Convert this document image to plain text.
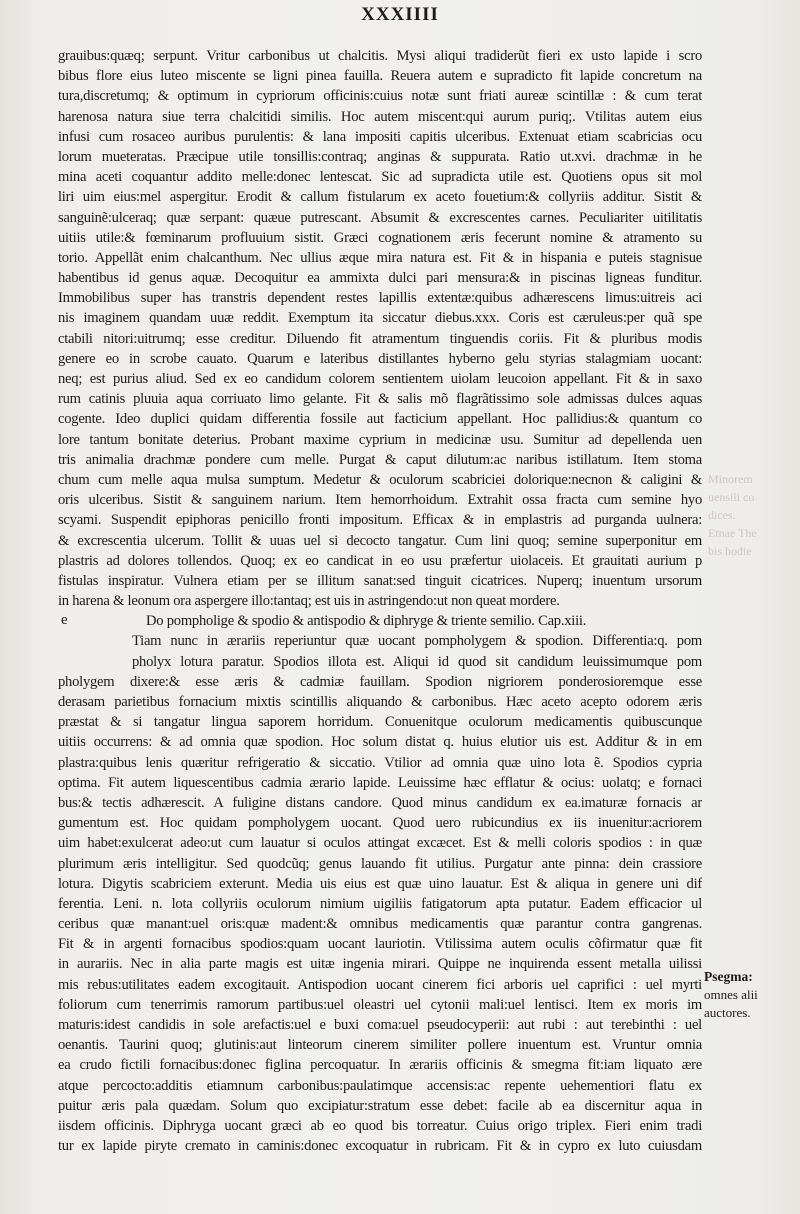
XXXIIII
grauibus:quæq; serpunt. Vritur carbonibus ut chalcitis. Mysi aliqui tradiderũt fieri ex usto lapide i scro
bibus flore eius luteo miscente se ligni pinea fauilla. Reuera autem e supradicto fit lapide concretum na
tura,discretumq; & optimum in cypriorum officinis:cuius notæ sunt friati aureæ scintillæ : & cum terat
harenosa natura siue terra chalcitidi similis. Hoc autem miscent:qui aurum puriq;. Vtilitas autem eius
infusi cum rosaceo auribus purulentis: & lana impositi capitis ulceribus. Extenuat etiam scabricias ocu
lorum mueteratas. Præcipue utile tonsillis:contraq; anginas & suppurata. Ratio ut.xvi. drachmæ in he
mina aceti coquantur addito melle:donec lentescat. Sic ad supradicta utile est. Quotiens opus sit mol
liri uim eius:mel aspergitur. Erodit & callum fistularum ex aceto fouetium:& collyriis additur. Sistit &
sanguinẽ:ulceraq; quæ serpant: quæue putrescant. Absumit & excrescentes carnes. Peculiariter uitilitatis
uitiis utile:& fœminarum profluuium sistit. Græci cognationem æris fecerunt nomine & atramento su
torio. Appellãt enim chalcanthum. Nec ullius æque mira natura est. Fit & in hispania e puteis stagnisue
habentibus id genus aquæ. Decoquitur ea ammixta dulci pari mensura:& in piscinas ligneas funditur.
Immobilibus super has transtris dependent restes lapillis extentæ:quibus adhærescens limus:uitreis aci
nis imaginem quandam uuæ reddit. Exemptum ita siccatur diebus.xxx. Coris est cæruleus:per quã spe
ctabili nitori:uitrumq; esse creditur. Diluendo fit atramentum tinguendis coriis. Fit & pluribus modis
genere eo in scrobe cauato. Quarum e lateribus distillantes hyberno gelu styrias stalagmiam uocant:
neq; est purius aliud. Sed ex eo candidum colorem sentientem uiolam leucoion appellant. Fit & in saxo
rum catinis pluuia aqua corriuato limo gelante. Fit & salis mõ flagrãtissimo sole admissas dulces aquas
cogente. Ideo duplici quidam differentia fossile aut facticium appellant. Hoc pallidius:& quantum co
lore tantum bonitate deterius. Probant maxime cyprium in medicinæ usu. Sumitur ad depellenda uen
tris animalia drachmæ pondere cum melle. Purgat & caput dilutum:ac naribus istillatum. Item stoma
chum cum melle aqua mulsa sumptum. Medetur & oculorum scabriciei dolorique:necnon & caligini &
oris ulceribus. Sistit & sanguinem narium. Item hemorrhoidum. Extrahit ossa fracta cum semine hyo
scyami. Suspendit epiphoras penicillo fronti impositum. Efficax & in emplastris ad purganda uulnera:
& excrescentia ulcerum. Tollit & uuas uel si decocto tangatur. Cum lini quoq; semine superponitur em
plastris ad dolores tollendos. Quoq; ex eo candicat in eo usu præfertur uiolaceis. Et grauitati aurium p
fistulas inspiratur. Vulnera etiam per se illitum sanat:sed tinguit cicatrices. Nuperq; inuentum ursorum
in harena & leonum ora aspergere illo:tantaq; est uis in astringendo:ut non queat mordere.
Do pompholige & spodio & antispodio & diphryge & triente semilio. Cap.xiii.
Tiam nunc in ærariis reperiuntur quæ uocant pompholygem & spodion. Differentia:q. pom
pholyx lotura paratur. Spodios illota est. Aliqui id quod sit candidum leuissimumque pom
pholygem dixere:& esse æris & cadmiæ fauillam. Spodion nigriorem ponderosioremque esse
derasam parietibus fornacium mixtis scintillis aliquando & carbonibus. Hæc aceto acepto odorem æris
præstat & si tangatur lingua saporem horridum. Conuenitque oculorum medicamentis quibuscunque
uitiis occurrens: & ad omnia quæ spodion. Hoc solum distat q. huius elutior uis est. Additur & in em
plastra:quibus lenis quæritur refrigeratio & siccatio. Vtilior ad omnia quæ uino lota ẽ. Spodios cypria
optima. Fit autem liquescentibus cadmia ærario lapide. Leuissime hæc efflatur & ocius: uolatq; e fornaci
bus:& tectis adhærescit. A fuligine distans candore. Quod minus candidum ex ea.imaturæ fornacis ar
gumentum est. Hoc quidam pompholygem uocant. Quod uero rubicundius ex iis inuenitur:acriorem
uim habet:exulcerat adeo:ut cum lauatur si oculos attingat excæcet. Est & melli coloris spodios : in quæ
plurimum æris intelligitur. Sed quodcũq; genus lauando fit utilius. Purgatur ante pinna: dein crassiore
lotura. Digytis scabriciem exterunt. Media uis eius est quæ uino lauatur. Est & aliqua in genere uni dif
ferentia. Leni. n. lota collyriis oculorum nimium uigiliis fatigatorum apta putatur. Eadem efficacior ul
ceribus quæ manant:uel oris:quæ madent:& omnibus medicamentis quæ parantur contra gangrenas.
Fit & in argenti fornacibus spodios:quam uocant lauriotin. Vtilissima autem oculis cõfirmatur quæ fit
in aurariis. Nec in alia parte magis est uitæ ingenia mirari. Quippe ne inquirenda essent metalla uilissi
mis rebus:utilitates eadem excogitauit. Antispodion uocant cinerem fici arboris uel caprifici : uel myrti
foliorum cum tenerrimis ramorum partibus:uel oleastri uel cytonii mali:uel lentisci. Item ex moris im
maturis:idest candidis in sole arefactis:uel e buxi coma:uel pseudocyperii: aut rubi : aut terebinthi : uel
oenantis. Taurini quoq; glutinis:aut linteorum cinerem similiter pollere inuentum est. Vruntur omnia
ea crudo fictili fornacibus:donec figlina percoquatur. In ærariis officinis & smegma fit:iam liquato ære
atque percocto:additis etiamnum carbonibus:paulatimque accensis:ac repente uehementiori flatu ex
puitur æris pala quædam. Solum quo excipiatur:stratum esse debet: facile ab ea discernitur aqua in
iisdem officinis. Diphryga uocant græci ab eo quod bis torreatur. Cuius origo triplex. Fieri enim tradi
tur ex lapide piryte cremato in caminis:donec excoquatur in rubricam. Fit & in cypro ex luto cuiusdam
e
Minorem
uensili co
dices.
Etnae The
bis hodie
Psegma:
omnes alii
auctores.
